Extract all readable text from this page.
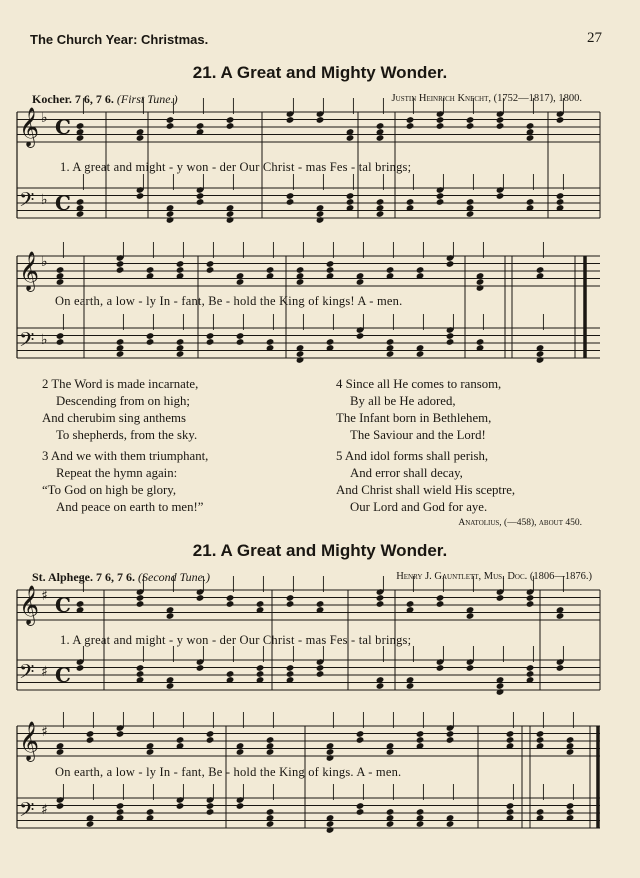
The Church Year: Christmas.	27
21. A Great and Mighty Wonder.
Kocher. 7 6, 7 6. (First Tune.)	Justin Heinrich Knecht, (1752—1817), 1800.
𝄞 ♭ C
𝄢 ♭ C
1. A great and might - y won - der Our Christ - mas Fes - tal brings;
𝄞 ♭
𝄢 ♭
On earth, a low - ly In - fant, Be - hold the King of kings! A - men.
2 The Word is made incarnate,
Descending from on high;
And cherubim sing anthems
To shepherds, from the sky.
3 And we with them triumphant,
Repeat the hymn again:
“To God on high be glory,
And peace on earth to men!”
4 Since all He comes to ransom,
By all be He adored,
The Infant born in Bethlehem,
The Saviour and the Lord!
5 And idol forms shall perish,
And error shall decay,
And Christ shall wield His sceptre,
Our Lord and God for aye.
Anatolius, (—458), about 450.
21. A Great and Mighty Wonder.
St. Alphege. 7 6, 7 6. (Second Tune.)	Henry J. Gauntlett, Mus. Doc. (1806—1876.)
𝄞 ♯ C
𝄢 ♯ C
1. A great and might - y won - der Our Christ - mas Fes - tal brings;
𝄞 ♯
𝄢 ♯
On earth, a low - ly In - fant, Be - hold the King of kings. A - men.
